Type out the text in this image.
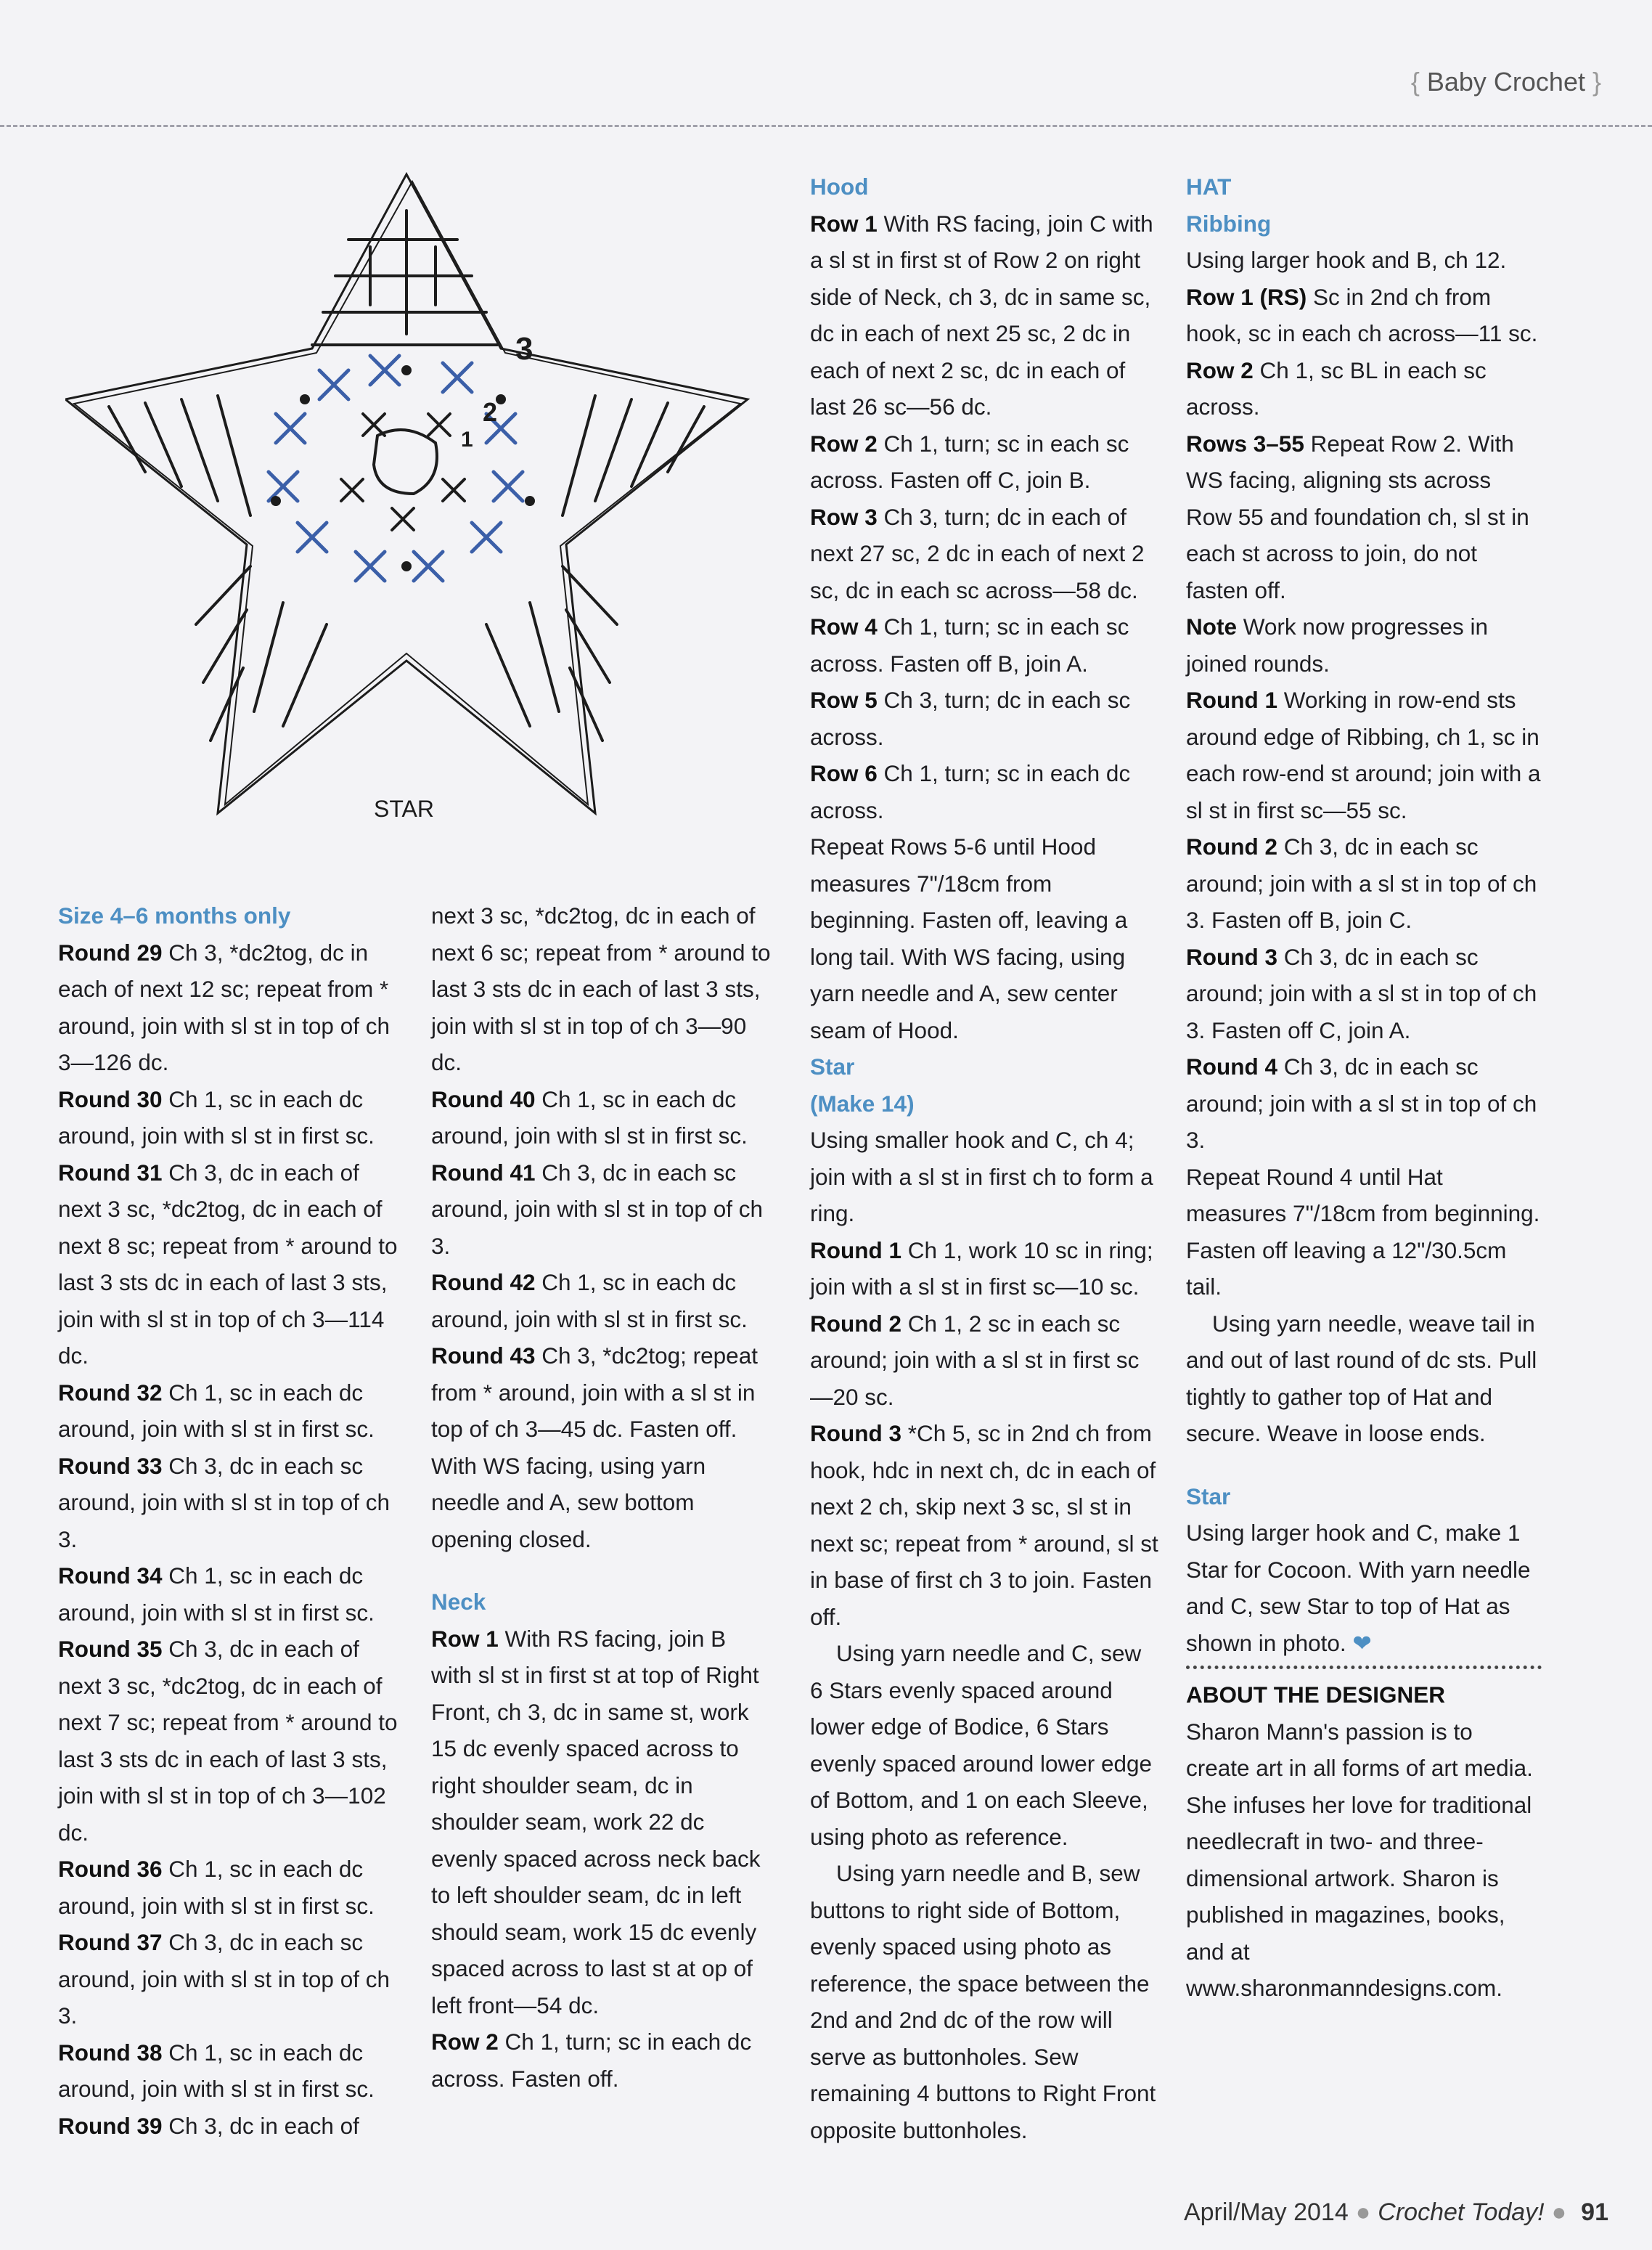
{ Baby Crochet }
3
2
1
STAR

Size 4–6 months only

Round 29 Ch 3, *dc2tog, dc in each of next 12 sc; repeat from * around, join with sl st in top of ch 3—126 dc.

Round 30 Ch 1, sc in each dc around, join with sl st in first sc.

Round 31 Ch 3, dc in each of next 3 sc, *dc2tog, dc in each of next 8 sc; repeat from * around to last 3 sts dc in each of last 3 sts, join with sl st in top of ch 3—114 dc.

Round 32 Ch 1, sc in each dc around, join with sl st in first sc.

Round 33 Ch 3, dc in each sc around, join with sl st in top of ch 3.

Round 34 Ch 1, sc in each dc around, join with sl st in first sc.

Round 35 Ch 3, dc in each of next 3 sc, *dc2tog, dc in each of next 7 sc; repeat from * around to last 3 sts dc in each of last 3 sts, join with sl st in top of ch 3—102 dc.

Round 36 Ch 1, sc in each dc around, join with sl st in first sc.

Round 37 Ch 3, dc in each sc around, join with sl st in top of ch 3.

Round 38 Ch 1, sc in each dc around, join with sl st in first sc.

Round 39 Ch 3, dc in each of

next 3 sc, *dc2tog, dc in each of next 6 sc; repeat from * around to last 3 sts dc in each of last 3 sts, join with sl st in top of ch 3—90 dc.

Round 40 Ch 1, sc in each dc around, join with sl st in first sc.

Round 41 Ch 3, dc in each sc around, join with sl st in top of ch 3.

Round 42 Ch 1, sc in each dc around, join with sl st in first sc.

Round 43 Ch 3, *dc2tog; repeat from * around, join with a sl st in top of ch 3—45 dc. Fasten off. With WS facing, using yarn needle and A, sew bottom opening closed.

Neck

Row 1 With RS facing, join B with sl st in first st at top of Right Front, ch 3, dc in same st, work 15 dc evenly spaced across to right shoulder seam, dc in shoulder seam, work 22 dc evenly spaced across neck back to left shoulder seam, dc in left should seam, work 15 dc evenly spaced across to last st at op of left front—54 dc.

Row 2 Ch 1, turn; sc in each dc across. Fasten off.

Hood

Row 1 With RS facing, join C with a sl st in first st of Row 2 on right side of Neck, ch 3, dc in same sc, dc in each of next 25 sc, 2 dc in each of next 2 sc, dc in each of last 26 sc—56 dc.

Row 2 Ch 1, turn; sc in each sc across. Fasten off C, join B.

Row 3 Ch 3, turn; dc in each of next 27 sc, 2 dc in each of next 2 sc, dc in each sc across—58 dc.

Row 4 Ch 1, turn; sc in each sc across. Fasten off B, join A.

Row 5 Ch 3, turn; dc in each sc across.

Row 6 Ch 1, turn; sc in each dc across.

Repeat Rows 5-6 until Hood measures 7"/18cm from beginning. Fasten off, leaving a long tail. With WS facing, using yarn needle and A, sew center seam of Hood.

Star

(Make 14)

Using smaller hook and C, ch 4; join with a sl st in first ch to form a ring.

Round 1 Ch 1, work 10 sc in ring; join with a sl st in first sc—10 sc.

Round 2 Ch 1, 2 sc in each sc around; join with a sl st in first sc—20 sc.

Round 3 *Ch 5, sc in 2nd ch from hook, hdc in next ch, dc in each of next 2 ch, skip next 3 sc, sl st in next sc; repeat from * around, sl st in base of first ch 3 to join. Fasten off.

Using yarn needle and C, sew 6 Stars evenly spaced around lower edge of Bodice, 6 Stars evenly spaced around lower edge of Bottom, and 1 on each Sleeve, using photo as reference.

Using yarn needle and B, sew buttons to right side of Bottom, evenly spaced using photo as reference, the space between the 2nd and 2nd dc of the row will serve as buttonholes. Sew remaining 4 buttons to Right Front opposite buttonholes.

HAT

Ribbing

Using larger hook and B, ch 12.

Row 1 (RS) Sc in 2nd ch from hook, sc in each ch across—11 sc.

Row 2 Ch 1, sc BL in each sc across.

Rows 3–55 Repeat Row 2. With WS facing, aligning sts across Row 55 and foundation ch, sl st in each st across to join, do not fasten off.

Note Work now progresses in joined rounds.

Round 1 Working in row-end sts around edge of Ribbing, ch 1, sc in each row-end st around; join with a sl st in first sc—55 sc.

Round 2 Ch 3, dc in each sc around; join with a sl st in top of ch 3. Fasten off B, join C.

Round 3 Ch 3, dc in each sc around; join with a sl st in top of ch 3. Fasten off C, join A.

Round 4 Ch 3, dc in each sc around; join with a sl st in top of ch 3.

Repeat Round 4 until Hat measures 7"/18cm from beginning. Fasten off leaving a 12"/30.5cm tail.

Using yarn needle, weave tail in and out of last round of dc sts. Pull tightly to gather top of Hat and secure. Weave in loose ends.

Star

Using larger hook and C, make 1 Star for Cocoon. With yarn needle and C, sew Star to top of Hat as shown in photo. ❤

ABOUT THE DESIGNER

Sharon Mann's passion is to create art in all forms of art media. She infuses her love for traditional needlecraft in two- and three-dimensional artwork. Sharon is published in magazines, books, and at www.sharonmanndesigns.com.

April/May 2014 ● Crochet Today! ● 91
